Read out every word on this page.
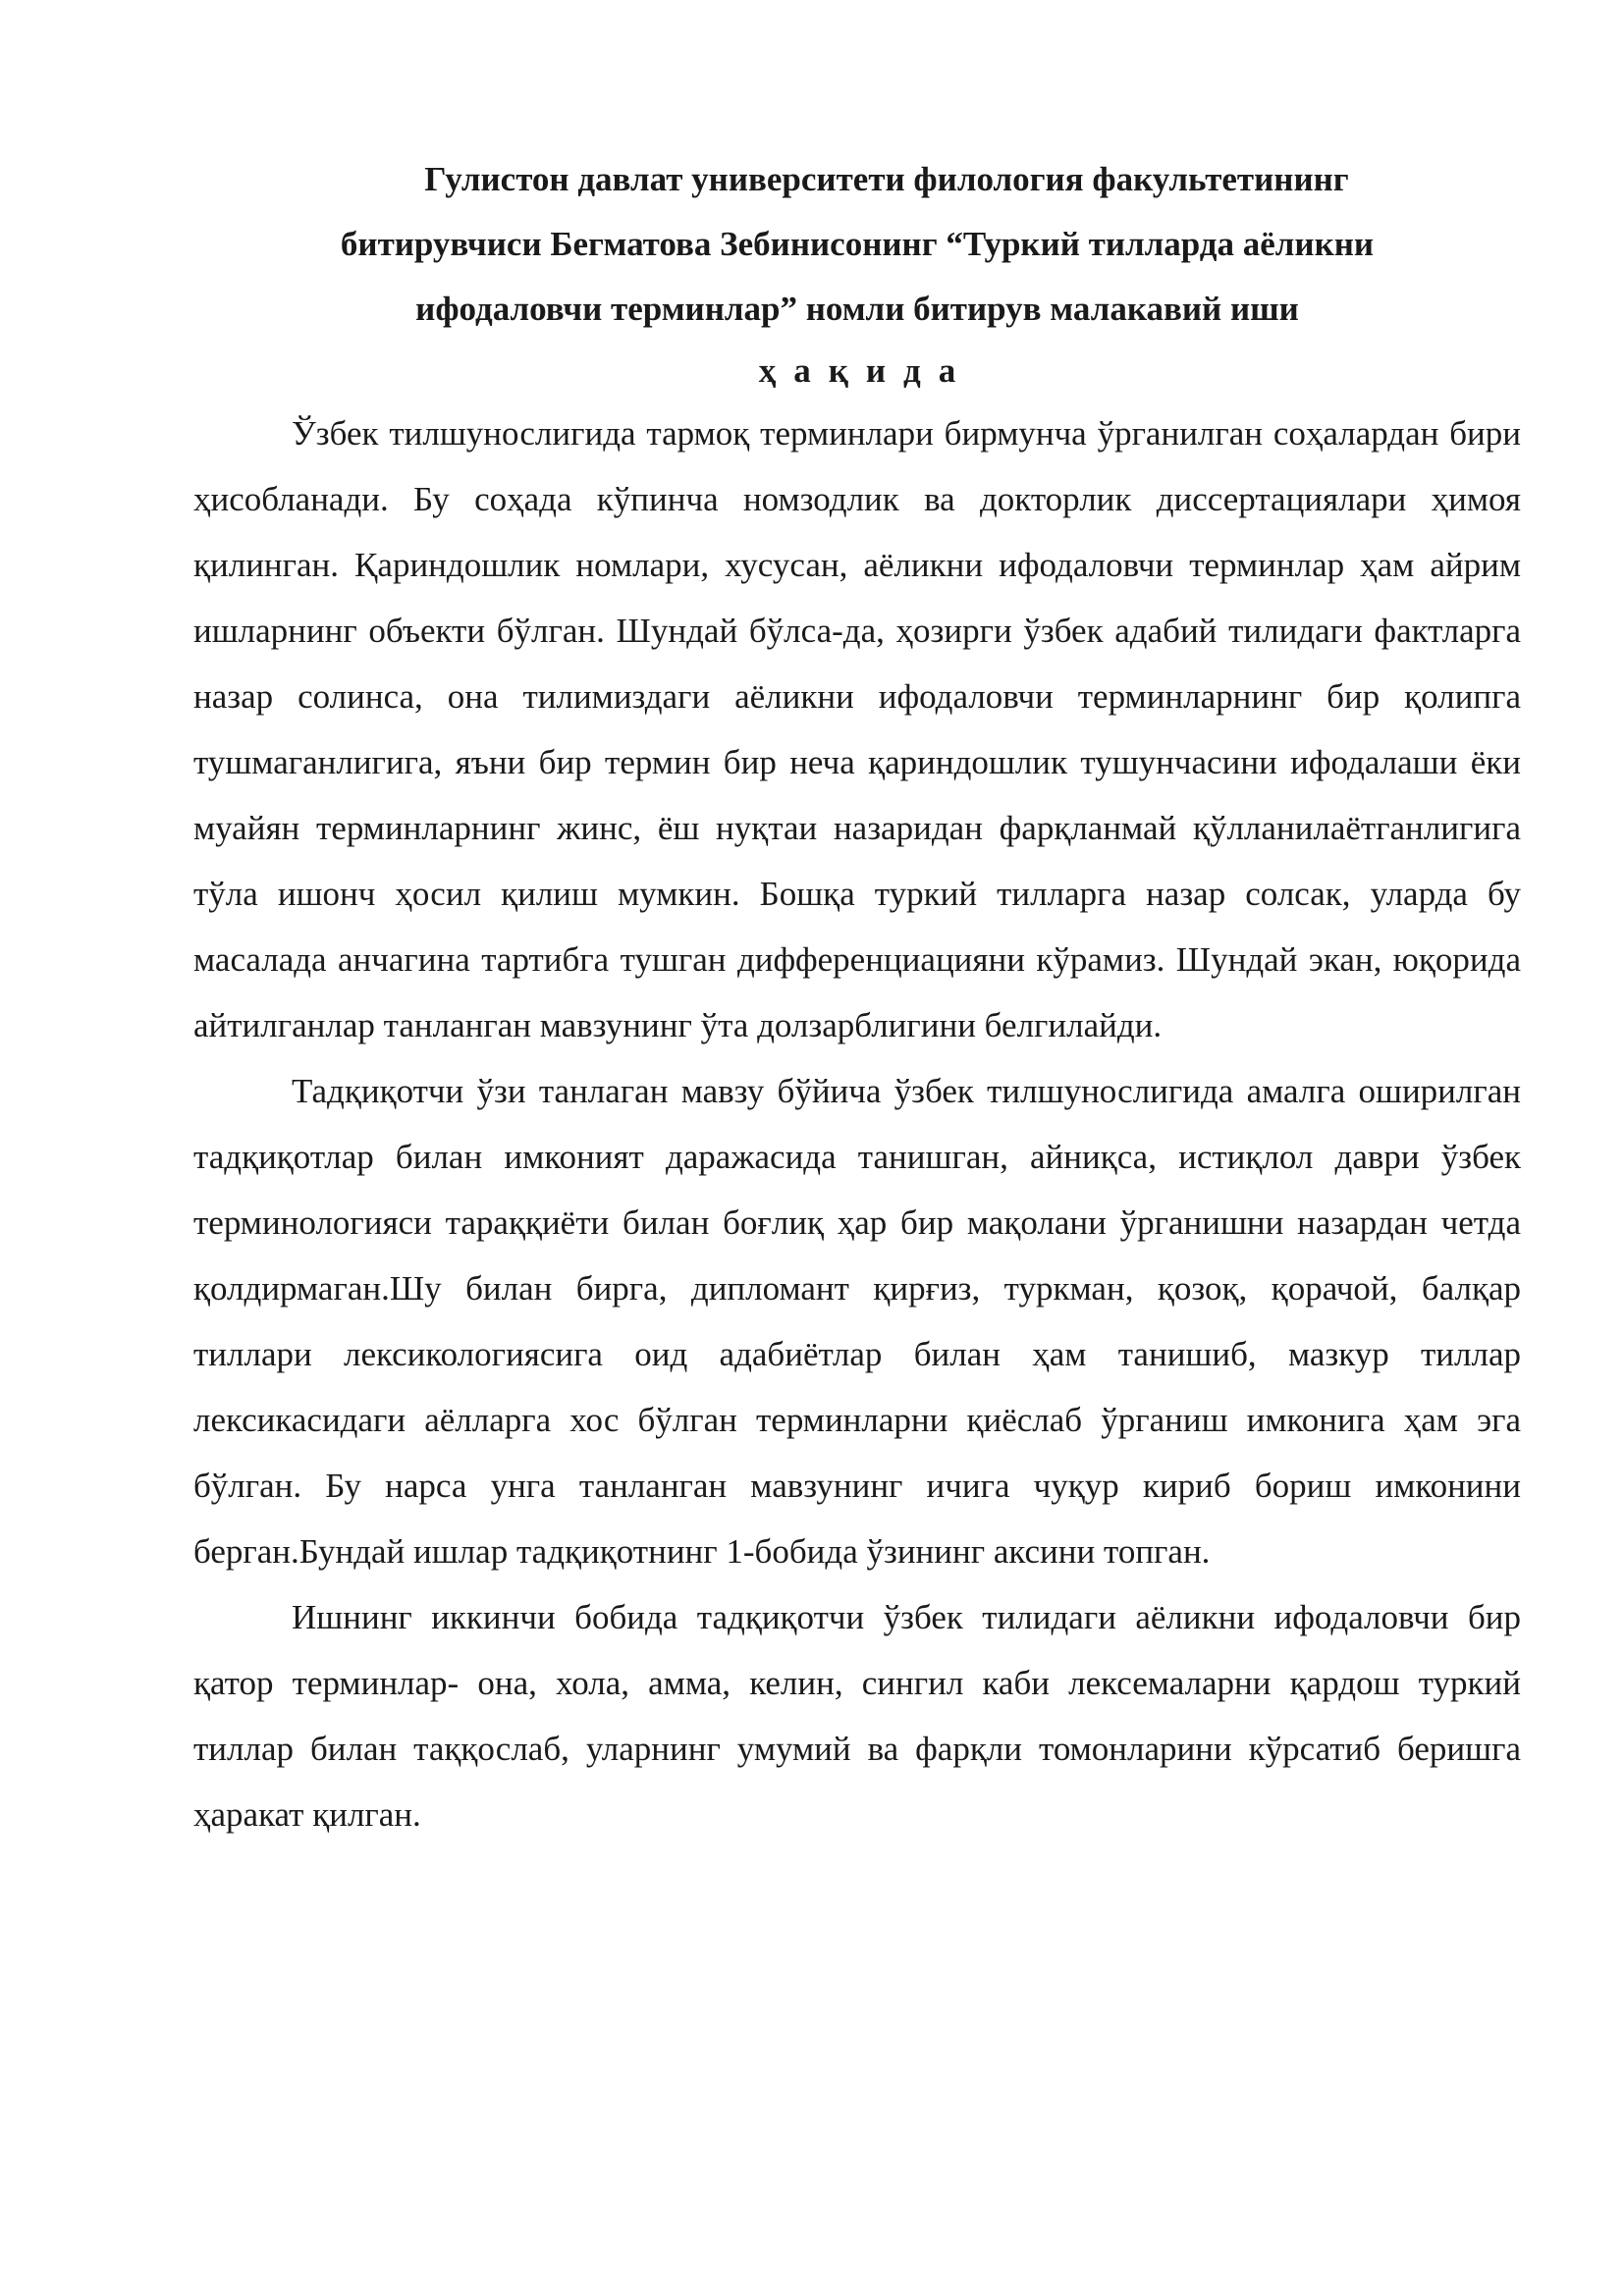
Гулистон давлат университети филология факультетининг
битирувчиси Бегматова Зебинисонинг “Туркий тилларда аёликни
ифодаловчи терминлар” номли битирув малакавий иши
ҳақида

Ўзбек тилшунослигида тармоқ терминлари бирмунча ўрганилган соҳалардан бири ҳисобланади. Бу соҳада кўпинча номзодлик ва докторлик диссертациялари ҳимоя қилинган. Қариндошлик номлари, хусусан, аёликни ифодаловчи терминлар ҳам айрим ишларнинг объекти бўлган. Шундай бўлса-да, ҳозирги ўзбек адабий тилидаги фактларга назар солинса, она тилимиздаги аёликни ифодаловчи терминларнинг бир қолипга тушмаганлигига, яъни бир термин бир неча қариндошлик тушунчасини ифодалаши ёки муайян терминларнинг жинс, ёш нуқтаи назаридан фарқланмай қўлланилаётганлигига тўла ишонч ҳосил қилиш мумкин. Бошқа туркий тилларга назар солсак, уларда бу масалада анчагина тартибга тушган дифференциацияни кўрамиз. Шундай экан, юқорида айтилганлар танланган мавзунинг ўта долзарблигини белгилайди.

Тадқиқотчи ўзи танлаган мавзу бўйича ўзбек тилшунослигида амалга оширилган тадқиқотлар билан имконият даражасида танишган, айниқса, истиқлол даври ўзбек терминологияси тараққиёти билан боғлиқ ҳар бир мақолани ўрганишни назардан четда қолдирмаган.Шу билан бирга, дипломант қирғиз, туркман, қозоқ, қорачой, балқар тиллари лексикологиясига оид адабиётлар билан ҳам танишиб, мазкур тиллар лексикасидаги аёлларга хос бўлган терминларни қиёслаб ўрганиш имконига ҳам эга бўлган. Бу нарса унга танланган мавзунинг ичига чуқур кириб бориш имконини берган.Бундай ишлар тадқиқотнинг 1-бобида ўзининг аксини топган.

Ишнинг иккинчи бобида тадқиқотчи ўзбек тилидаги аёликни ифодаловчи бир қатор терминлар- она, хола, амма, келин, сингил каби лексемаларни қардош туркий тиллар билан таққослаб, уларнинг умумий ва фарқли томонларини кўрсатиб беришга ҳаракат қилган.
